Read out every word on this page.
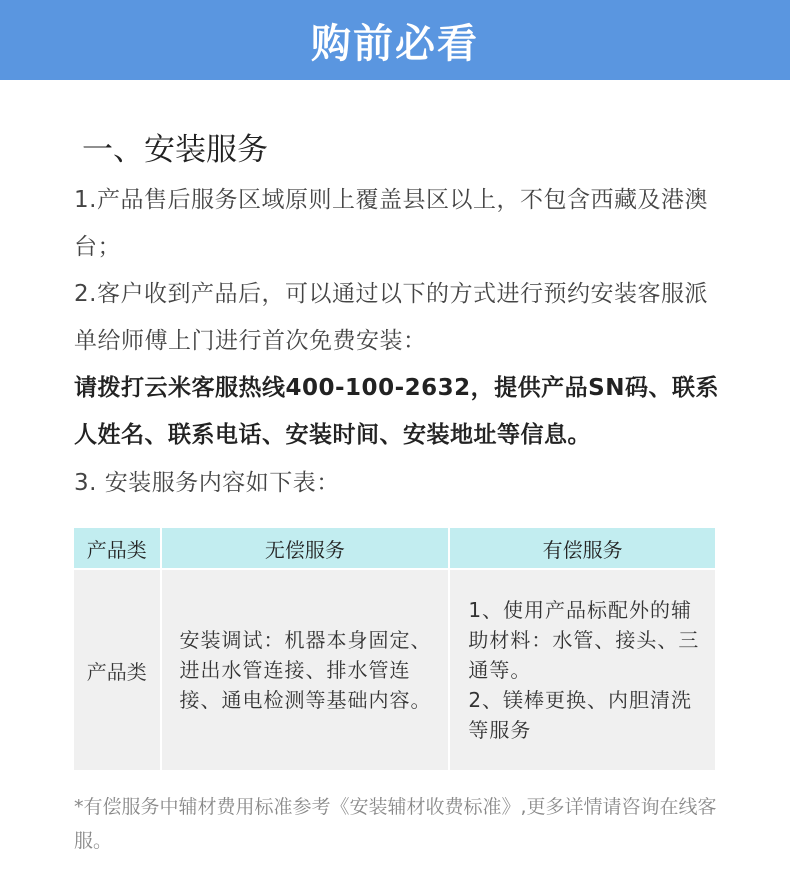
购前必看
一、安装服务
1.产品售后服务区域原则上覆盖县区以上，不包含西藏及港澳台；
2.客户收到产品后，可以通过以下的方式进行预约安装客服派单给师傅上门进行首次免费安装：
请拨打云米客服热线400-100-2632，提供产品SN码、联系人姓名、联系电话、安装时间、安装地址等信息。
3. 安装服务内容如下表：
产品类	无偿服务	有偿服务
产品类	安装调试：机器本身固定、进出水管连接、排水管连接、通电检测等基础内容。	1、使用产品标配外的辅助材料：水管、接头、三通等。
2、镁棒更换、内胆清洗等服务
*有偿服务中辅材费用标准参考《安装辅材收费标准》,更多详情请咨询在线客服。
